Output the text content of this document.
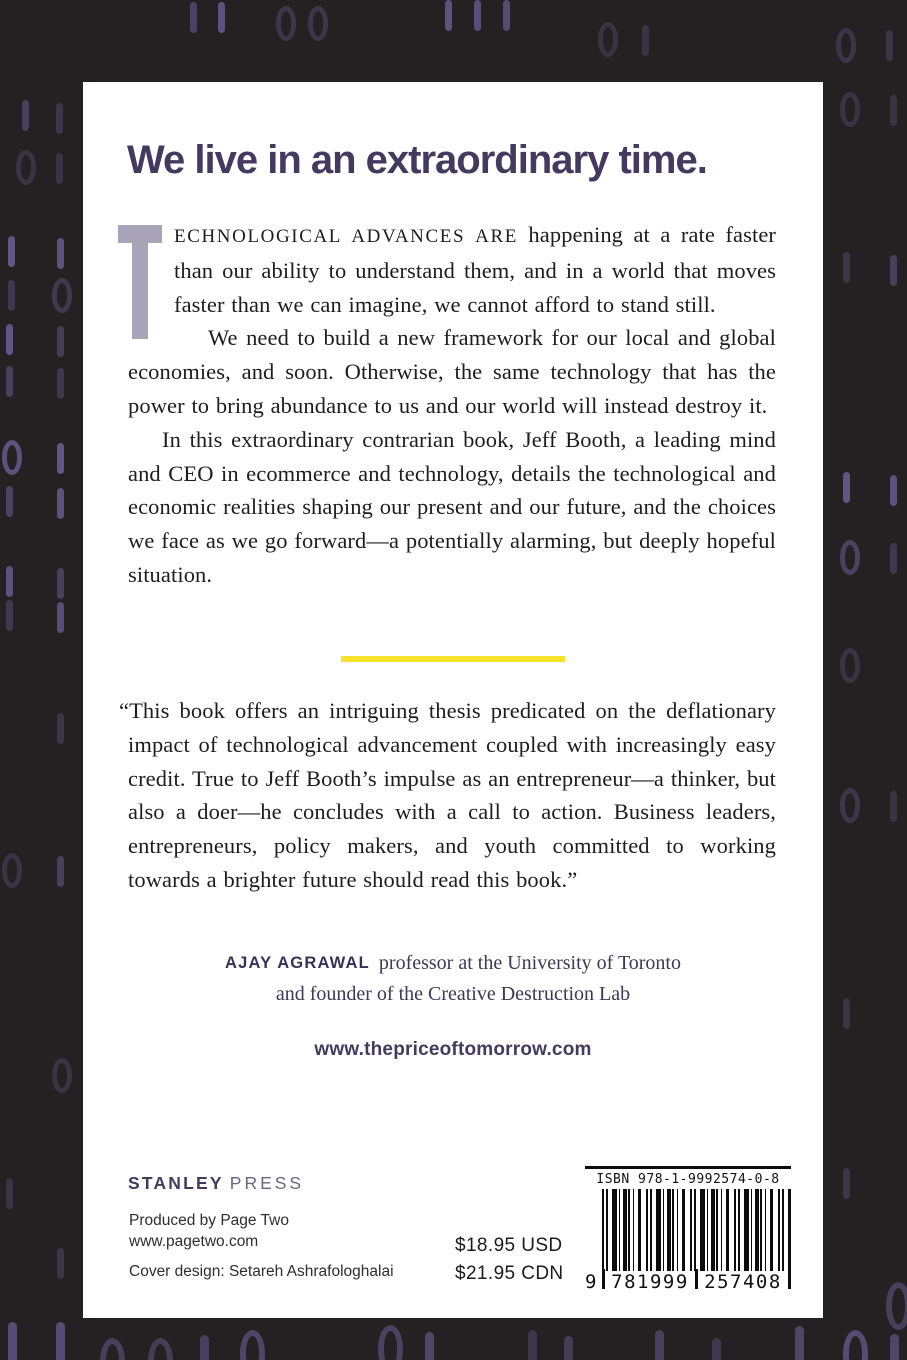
We live in an extraordinary time.

ECHNOLOGICAL ADVANCES ARE happening at a rate faster than our ability to understand them, and in a world that moves faster than we can imagine, we cannot afford to stand still.

We need to build a new framework for our local and global economies, and soon. Otherwise, the same technology that has the power to bring abundance to us and our world will instead destroy it.

In this extraordinary contrarian book, Jeff Booth, a leading mind and CEO in ecommerce and technology, details the technological and economic realities shaping our present and our future, and the choices we face as we go forward—a potentially alarming, but deeply hopeful situation.

“This book offers an intriguing thesis predicated on the deflationary impact of technological advancement coupled with increasingly easy credit. True to Jeff Booth’s impulse as an entrepreneur—a thinker, but also a doer—he concludes with a call to action. Business leaders, entrepreneurs, policy makers, and youth committed to working towards a brighter future should read this book.”

AJAY AGRAWAL professor at the University of Toronto
and founder of the Creative Destruction Lab
www.thepriceoftomorrow.com
STANLEY PRESS
Produced by Page Two
www.pagetwo.com
Cover design: Setareh Ashrafologhalai
$18.95 USD
$21.95 CDN
ISBN 978-1-9992574-0-8
9 781999 257408
